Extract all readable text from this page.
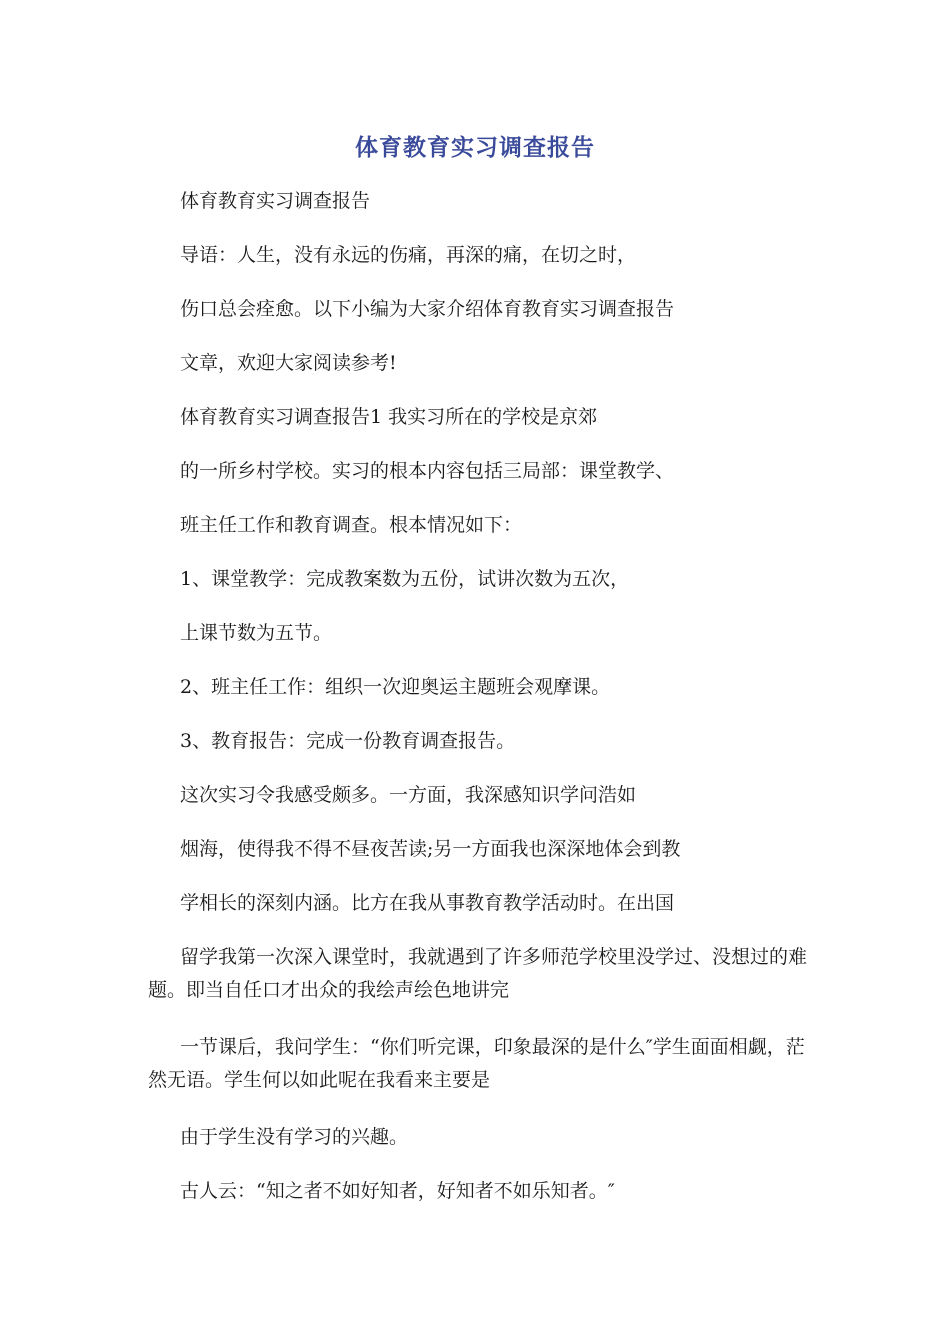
体育教育实习调查报告
体育教育实习调查报告
导语：人生，没有永远的伤痛，再深的痛，在切之时，
伤口总会痊愈。以下小编为大家介绍体育教育实习调查报告
文章，欢迎大家阅读参考!
体育教育实习调查报告1 我实习所在的学校是京郊
的一所乡村学校。实习的根本内容包括三局部：课堂教学、
班主任工作和教育调查。根本情况如下：
1、课堂教学：完成教案数为五份，试讲次数为五次，
上课节数为五节。
2、班主任工作：组织一次迎奥运主题班会观摩课。
3、教育报告：完成一份教育调查报告。
这次实习令我感受颇多。一方面，我深感知识学问浩如
烟海，使得我不得不昼夜苦读;另一方面我也深深地体会到教
学相长的深刻内涵。比方在我从事教育教学活动时。在出国
留学我第一次深入课堂时，我就遇到了许多师范学校里没学过、没想过的难题。即当自任口才出众的我绘声绘色地讲完
一节课后，我问学生：“你们听完课，印象最深的是什么″学生面面相觑，茫然无语。学生何以如此呢在我看来主要是
由于学生没有学习的兴趣。
古人云：“知之者不如好知者，好知者不如乐知者。″
